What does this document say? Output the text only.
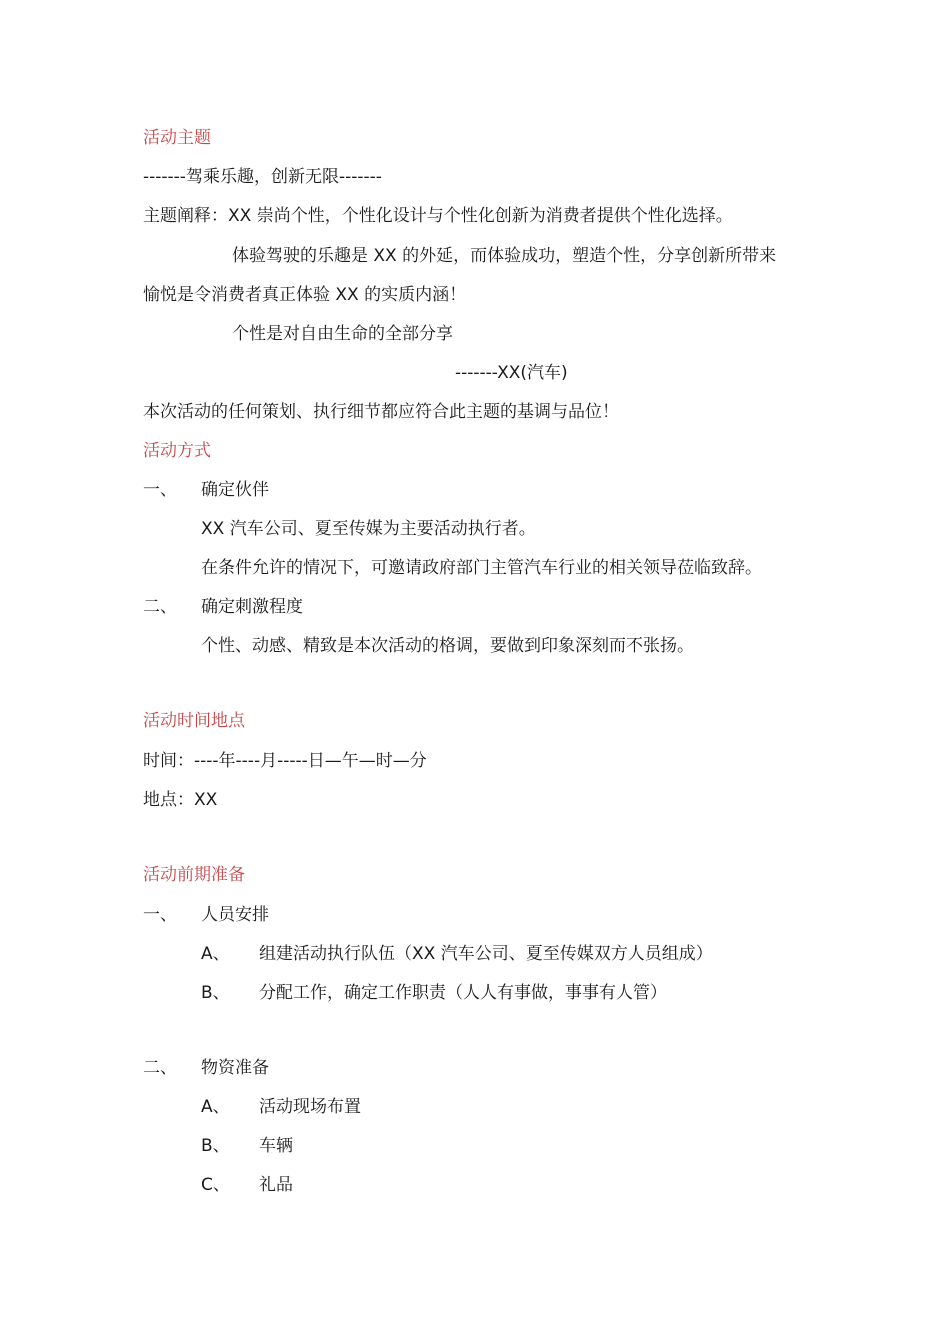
活动主题
-------驾乘乐趣，创新无限-------
主题阐释：XX 崇尚个性，个性化设计与个性化创新为消费者提供个性化选择。
体验驾驶的乐趣是 XX 的外延，而体验成功，塑造个性，分享创新所带来
愉悦是令消费者真正体验 XX 的实质内涵！
个性是对自由生命的全部分享
-------XX(汽车)
本次活动的任何策划、执行细节都应符合此主题的基调与品位！
活动方式
一、 确定伙伴
XX 汽车公司、夏至传媒为主要活动执行者。
在条件允许的情况下，可邀请政府部门主管汽车行业的相关领导莅临致辞。
二、 确定刺激程度
个性、动感、精致是本次活动的格调，要做到印象深刻而不张扬。
活动时间地点
时间：----年----月-----日—午—时—分
地点：XX
活动前期准备
一、 人员安排
A、 组建活动执行队伍（XX 汽车公司、夏至传媒双方人员组成）
B、 分配工作，确定工作职责（人人有事做，事事有人管）
二、 物资准备
A、 活动现场布置
B、 车辆
C、 礼品
